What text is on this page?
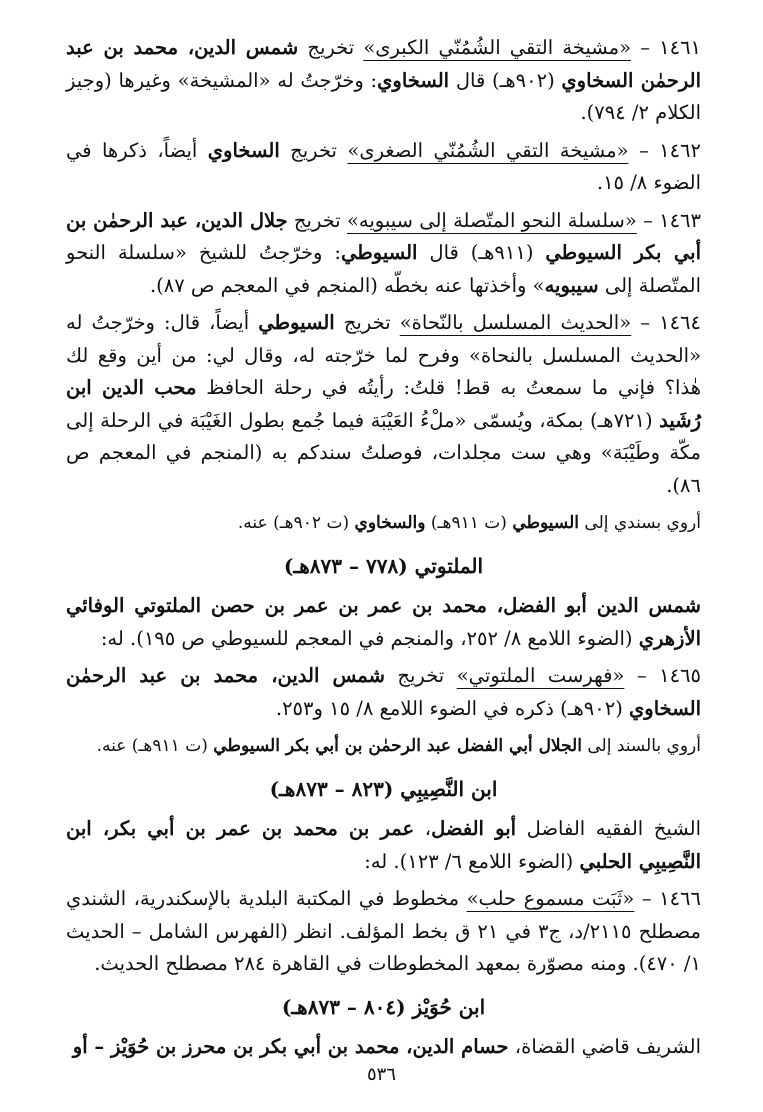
١٤٦١ – «مشيخة التقي الشُمُنّي الكبرى» تخريج شمس الدين، محمد بن عبد الرحمٰن السخاوي (٩٠٢هـ) قال السخاوي: وخرّجتُ له «المشيخة» وغيرها (وجيز الكلام ٢/ ٧٩٤).

١٤٦٢ – «مشيخة التقي الشُمُنّي الصغرى» تخريج السخاوي أيضاً، ذكرها في الضوء ٨/ ١٥.

١٤٦٣ – «سلسلة النحو المتّصلة إلى سيبويه» تخريج جلال الدين، عبد الرحمٰن بن أبي بكر السيوطي (٩١١هـ) قال السيوطي: وخرّجتُ للشيخ «سلسلة النحو المتّصلة إلى سيبويه» وأخذتها عنه بخطّه (المنجم في المعجم ص ٨٧).

١٤٦٤ – «الحديث المسلسل بالنّحاة» تخريج السيوطي أيضاً، قال: وخرّجتُ له «الحديث المسلسل بالنحاة» وفرح لما خرّجته له، وقال لي: من أين وقع لك هٰذا؟ فإني ما سمعتُ به قط! قلتُ: رأيتُه في رحلة الحافظ محب الدين ابن رُشَيد (٧٢١هـ) بمكة، ويُسمّى «ملْءُ العَيْبَة فيما جُمع بطول الغَيْبَة في الرحلة إلى مكّة وطَيْبَة» وهي ست مجلدات، فوصلتُ سندكم به (المنجم في المعجم ص ٨٦).

أروي بسندي إلى السيوطي (ت ٩١١هـ) والسخاوي (ت ٩٠٢هـ) عنه.

الملتوتي (٧٧٨ – ٨٧٣هـ)

شمس الدين أبو الفضل، محمد بن عمر بن عمر بن حصن الملتوتي الوفائي الأزهري (الضوء اللامع ٨/ ٢٥٢، والمنجم في المعجم للسيوطي ص ١٩٥). له:

١٤٦٥ – «فهرست الملتوتي» تخريج شمس الدين، محمد بن عبد الرحمٰن السخاوي (٩٠٢هـ) ذكره في الضوء اللامع ٨/ ١٥ و٢٥٣.

أروي بالسند إلى الجلال أبي الفضل عبد الرحمٰن بن أبي بكر السيوطي (ت ٩١١هـ) عنه.

ابن النَّصِيبِي (٨٢٣ – ٨٧٣هـ)

الشيخ الفقيه الفاضل أبو الفضل، عمر بن محمد بن عمر بن أبي بكر، ابن النَّصِيبِي الحلبي (الضوء اللامع ٦/ ١٢٣). له:

١٤٦٦ – «ثَبَت مسموع حلب» مخطوط في المكتبة البلدية بالإسكندرية، الشندي مصطلح ٢١١٥/د، ج٣ في ٢١ ق بخط المؤلف. انظر (الفهرس الشامل – الحديث ١/ ٤٧٠). ومنه مصوّرة بمعهد المخطوطات في القاهرة ٢٨٤ مصطلح الحديث.

ابن حُوَيْز (٨٠٤ – ٨٧٣هـ)

الشريف قاضي القضاة، حسام الدين، محمد بن أبي بكر بن محرز بن حُوَيْز – أو

٥٣٦
